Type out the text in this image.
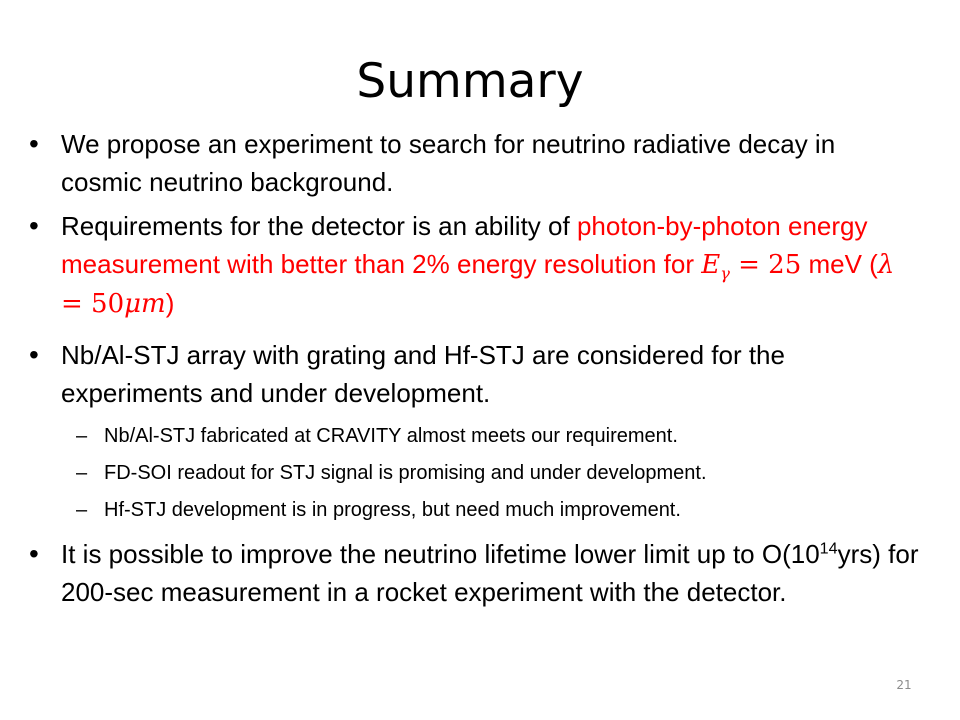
Summary
• We propose an experiment to search for neutrino radiative decay in cosmic neutrino background.
• Requirements for the detector is an ability of photon-by-photon energy measurement with better than 2% energy resolution for $E_\gamma = 25$ meV (λ = 50μm)
• Nb/Al-STJ array with grating and Hf-STJ are considered for the experiments and under development.
– Nb/Al-STJ fabricated at CRAVITY almost meets our requirement.
– FD-SOI readout for STJ signal is promising and under development.
– Hf-STJ development is in progress, but need much improvement.
• It is possible to improve the neutrino lifetime lower limit up to $O(10^{14}yrs)$ for 200-sec measurement in a rocket experiment with the detector.
21
